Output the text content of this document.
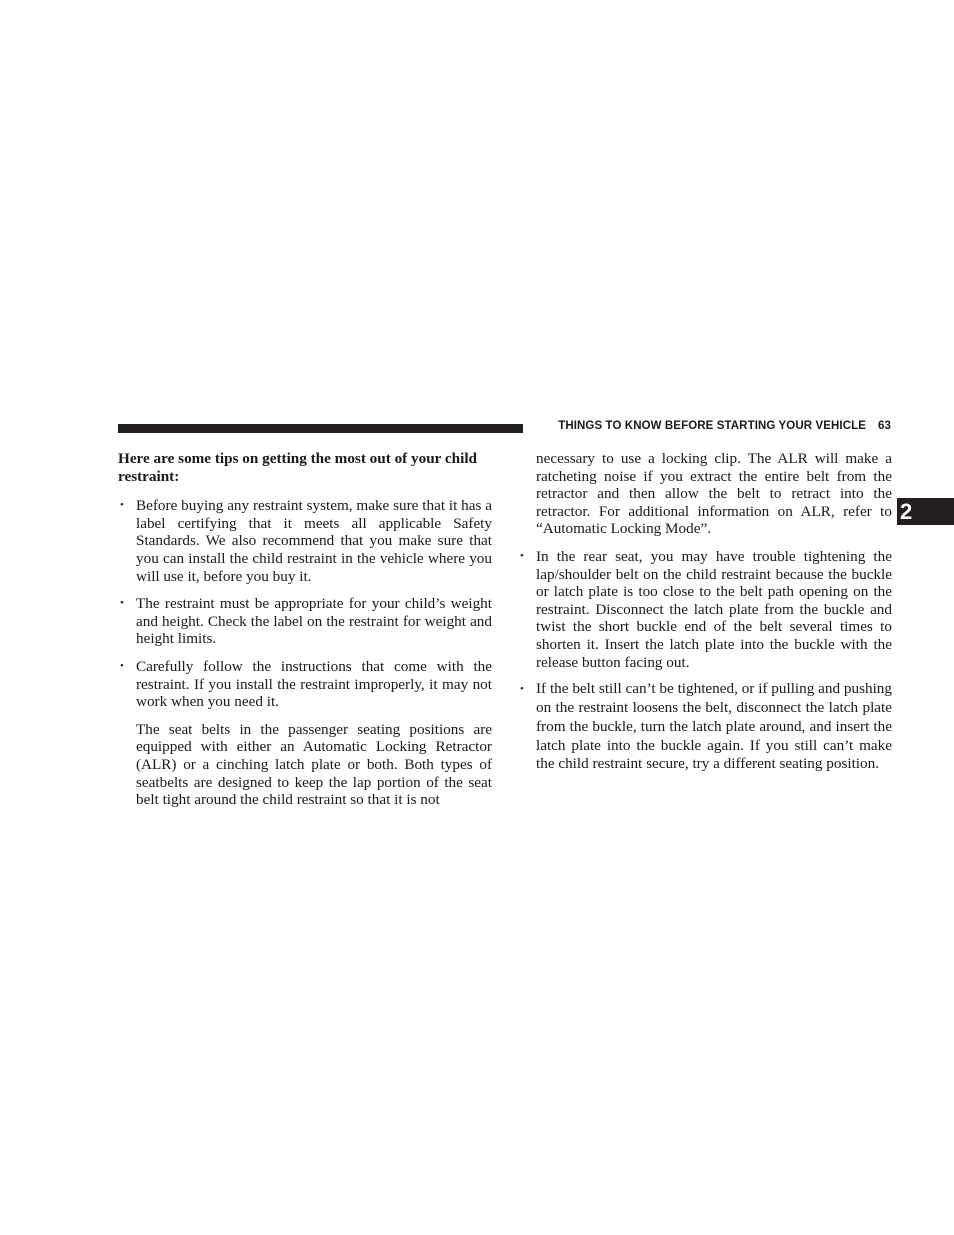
THINGS TO KNOW BEFORE STARTING YOUR VEHICLE 63
2

Here are some tips on getting the most out of your child restraint:

• Before buying any restraint system, make sure that it has a label certifying that it meets all applicable Safety Standards. We also recommend that you make sure that you can install the child restraint in the vehicle where you will use it, before you buy it.
• The restraint must be appropriate for your child’s weight and height. Check the label on the restraint for weight and height limits.
• Carefully follow the instructions that come with the restraint. If you install the restraint improperly, it may not work when you need it.

The seat belts in the passenger seating positions are equipped with either an Automatic Locking Retractor (ALR) or a cinching latch plate or both. Both types of seatbelts are designed to keep the lap portion of the seat belt tight around the child restraint so that it is not

necessary to use a locking clip. The ALR will make a ratcheting noise if you extract the entire belt from the retractor and then allow the belt to retract into the retractor. For additional information on ALR, refer to “Automatic Locking Mode”.

• In the rear seat, you may have trouble tightening the lap/shoulder belt on the child restraint because the buckle or latch plate is too close to the belt path opening on the restraint. Disconnect the latch plate from the buckle and twist the short buckle end of the belt several times to shorten it. Insert the latch plate into the buckle with the release button facing out.
• If the belt still can’t be tightened, or if pulling and pushing on the restraint loosens the belt, disconnect the latch plate from the buckle, turn the latch plate around, and insert the latch plate into the buckle again. If you still can’t make the child restraint secure, try a different seating position.
